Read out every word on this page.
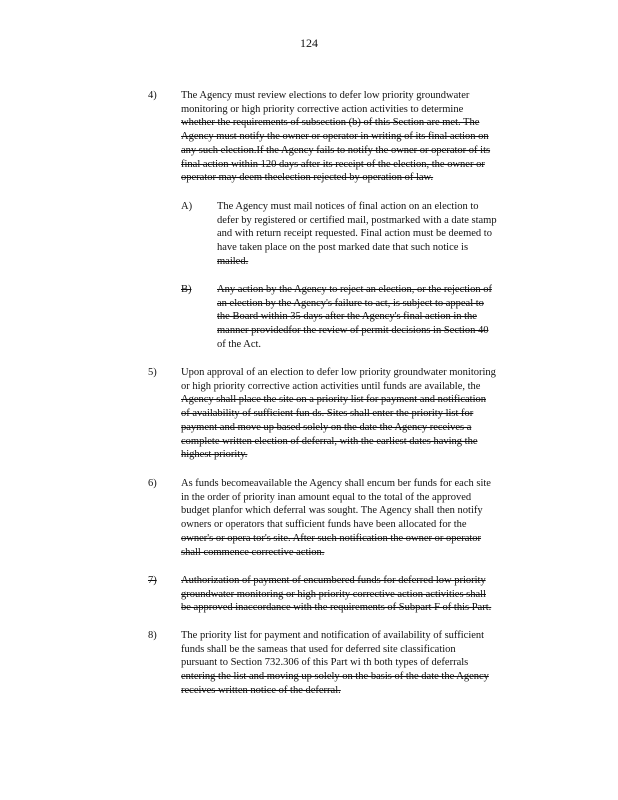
124
4) The Agency must review elections to defer low priority groundwater
monitoring or high priority corrective action activities to determine
whether the requirements of subsection (b) of this Section are met. The
Agency must notify the owner or operator in writing of its final action on
any such election.If the Agency fails to notify the owner or operator of its
final action within 120 days after its receipt of the election, the owner or
operator may deem theelection rejected by operation of law.
A) The Agency must mail notices of final action on an election to
defer by registered or certified mail, postmarked with a date stamp
and with return receipt requested. Final action must be deemed to
have taken place on the post marked date that such notice is
mailed.
B) Any action by the Agency to reject an election, or the rejection of
an election by the Agency's failure to act, is subject to appeal to
the Board within 35 days after the Agency's final action in the
manner providedfor the review of permit decisions in Section 40
of the Act.
5) Upon approval of an election to defer low priority groundwater monitoring
or high priority corrective action activities until funds are available, the
Agency shall place the site on a priority list for payment and notification
of availability of sufficient fun ds. Sites shall enter the priority list for
payment and move up based solely on the date the Agency receives a
complete written election of deferral, with the earliest dates having the
highest priority.
6) As funds becomeavailable the Agency shall encum ber funds for each site
in the order of priority inan amount equal to the total of the approved
budget planfor which deferral was sought. The Agency shall then notify
owners or operators that sufficient funds have been allocated for the
owner's or opera tor's site. After such notification the owner or operator
shall commence corrective action.
7) Authorization of payment of encumbered funds for deferred low priority
groundwater monitoring or high priority corrective action activities shall
be approved inaccordance with the requirements of Subpart F of this Part.
8) The priority list for payment and notification of availability of sufficient
funds shall be the sameas that used for deferred site classification
pursuant to Section 732.306 of this Part wi th both types of deferrals
entering the list and moving up solely on the basis of the date the Agency
receives written notice of the deferral.
